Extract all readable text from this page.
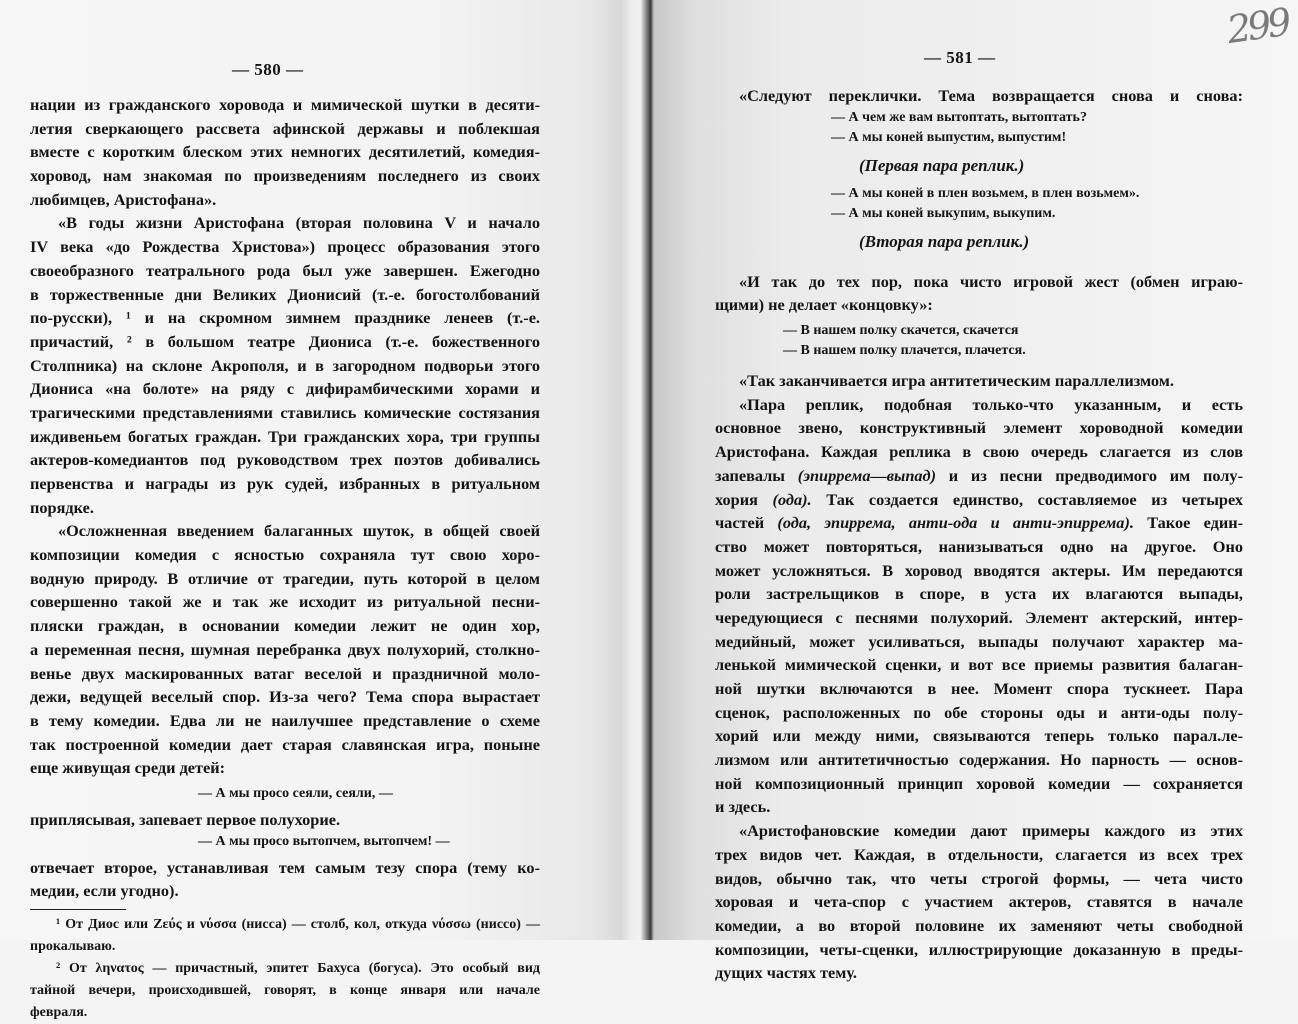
— 580 —
нации из гражданского хоровода и мимической шутки в десяти-
летия сверкающего рассвета афинской державы и поблекшая
вместе с коротким блеском этих немногих десятилетий, комедия-
хоровод, нам знакомая по произведениям последнего из своих
любимцев, Аристофана».
«В годы жизни Аристофана (вторая половина V и начало
IV века «до Рождества Христова») процесс образования этого
своеобразного театрального рода был уже завершен. Ежегодно
в торжественные дни Великих Дионисий (т.-е. богостолбований
по-русски), ¹ и на скромном зимнем празднике ленеев (т.-е.
причастий, ² в большом театре Диониса (т.-е. божественного
Столпника) на склоне Акрополя, и в загородном подворьи этого
Диониса «на болоте» на ряду с дифирамбическими хорами и
трагическими представлениями ставились комические состязания
иждивеньем богатых граждан. Три гражданских хора, три группы
актеров-комедиантов под руководством трех поэтов добивались
первенства и награды из рук судей, избранных в ритуальном
порядке.
«Осложненная введением балаганных шуток, в общей своей
композиции комедия с ясностью сохраняла тут свою хоро-
водную природу. В отличие от трагедии, путь которой в целом
совершенно такой же и так же исходит из ритуальной песни-
пляски граждан, в основании комедии лежит не один хор,
а переменная песня, шумная перебранка двух полухорий, столкно-
венье двух маскированных ватаг веселой и праздничной моло-
дежи, ведущей веселый спор. Из-за чего? Тема спора вырастает
в тему комедии. Едва ли не наилучшее представление о схеме
так построенной комедии дает старая славянская игра, поныне
еще живущая среди детей:
— А мы просо сеяли, сеяли, —
приплясывая, запевает первое полухорие.
— А мы просо вытопчем, вытопчем! —
отвечает второе, устанавливая тем самым тезу спора (тему ко-
медии, если угодно).
¹ От Диос или Ζεύς и νύσσα (нисса) — столб, кол, откуда νύσσω (ниссо) —
прокалываю.
² От ληνατος — причастный, эпитет Бахуса (богуса). Это особый вид
тайной вечери, происходившей, говорят, в конце января или начале
февраля.
— 581 —
299
«Следуют переклички. Тема возвращается снова и снова:
— А чем же вам вытоптать, вытоптать?
— А мы коней выпустим, выпустим!
(Первая пара реплик.)
— А мы коней в плен возьмем, в плен возьмем».
— А мы коней выкупим, выкупим.
(Вторая пара реплик.)
«И так до тех пор, пока чисто игровой жест (обмен играю-
щими) не делает «концовку»:
— В нашем полку скачется, скачется
— В нашем полку плачется, плачется.
«Так заканчивается игра антитетическим параллелизмом.
«Пара реплик, подобная только-что указанным, и есть
основное звено, конструктивный элемент хороводной комедии
Аристофана. Каждая реплика в свою очередь слагается из слов
запевалы (эпиррема—выпад) и из песни предводимого им полу-
хория (ода). Так создается единство, составляемое из четырех
частей (ода, эпиррема, анти-ода и анти-эпиррема). Такое един-
ство может повторяться, нанизываться одно на другое. Оно
может усложняться. В хоровод вводятся актеры. Им передаются
роли застрельщиков в споре, в уста их влагаются выпады,
чередующиеся с песнями полухорий. Элемент актерский, интер-
медийный, может усиливаться, выпады получают характер ма-
ленькой мимической сценки, и вот все приемы развития балаган-
ной шутки включаются в нее. Момент спора тускнеет. Пара
сценок, расположенных по обе стороны оды и анти-оды полу-
хорий или между ними, связываются теперь только парал.ле-
лизмом или антитетичностью содержания. Но парность — основ-
ной композиционный принцип хоровой комедии — сохраняется
и здесь.
«Аристофановские комедии дают примеры каждого из этих
трех видов чет. Каждая, в отдельности, слагается из всех трех
видов, обычно так, что четы строгой формы, — чета чисто
хоровая и чета-спор с участием актеров, ставятся в начале
комедии, а во второй половине их заменяют четы свободной
композиции, четы-сценки, иллюстрирующие доказанную в преды-
дущих частях тему.
